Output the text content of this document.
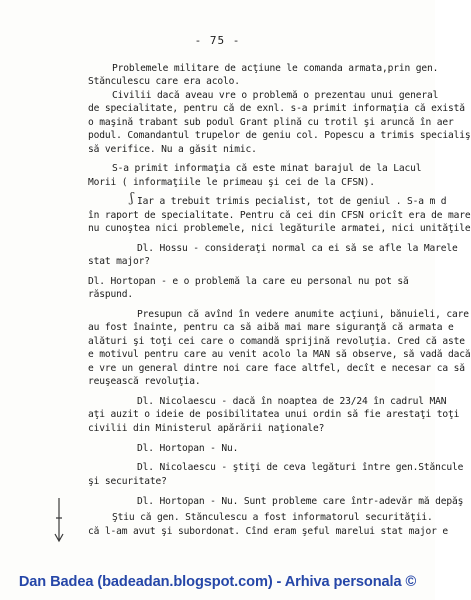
- 75 -
Problemele militare de acţiune le comanda armata,prin gen.
Stănculescu care era acolo.
Civilii dacă aveau vre o problemă o prezentau unui general
de specialitate, pentru că de exnl. s-a primit informaţia că există
o maşină trabant sub podul Grant plină cu trotil şi aruncă în aer
podul. Comandantul trupelor de geniu col. Popescu a trimis specialiş
să verifice. Nu a găsit nimic.
S-a primit informaţia că este minat barajul de la Lacul
Morii ( informaţiile le primeau şi cei de la CFSN).
Iar a trebuit trimis pecialist, tot de geniul . S-a m d
în raport de specialitate. Pentru că cei din CFSN oricît era de mare
nu cunoştea nici problemele, nici legăturile armatei, nici unităţile
Dl. Hossu - consideraţi normal ca ei să se afle la Marele
stat major?
Dl. Hortopan - e o problemă la care eu personal nu pot să
răspund.
Presupun că avînd în vedere anumite acţiuni, bănuieli, care
au fost înainte, pentru ca să aibă mai mare siguranţă că armata e
alături şi toţi cei care o comandă sprijină revoluţia. Cred că aste
e motivul pentru care au venit acolo la MAN să observe, să vadă dacă
e vre un general dintre noi care face altfel, decît e necesar ca să
reuşească revoluţia.
Dl. Nicolaescu - dacă în noaptea de 23/24 în cadrul MAN
aţi auzit o ideie de posibilitatea unui ordin să fie arestaţi toţi
civilii din Ministerul apărării naţionale?
Dl. Hortopan - Nu.
Dl. Nicolaescu - ştiţi de ceva legături între gen.Stăncule
şi securitate?
Dl. Hortopan - Nu. Sunt probleme care într-adevăr mă depăş
Ştiu că gen. Stănculescu a fost informatorul securităţii.
că l-am avut şi subordonat. Cînd eram şeful marelui stat major e
ʃ
Dan Badea (badeadan.blogspot.com) - Arhiva personala ©
